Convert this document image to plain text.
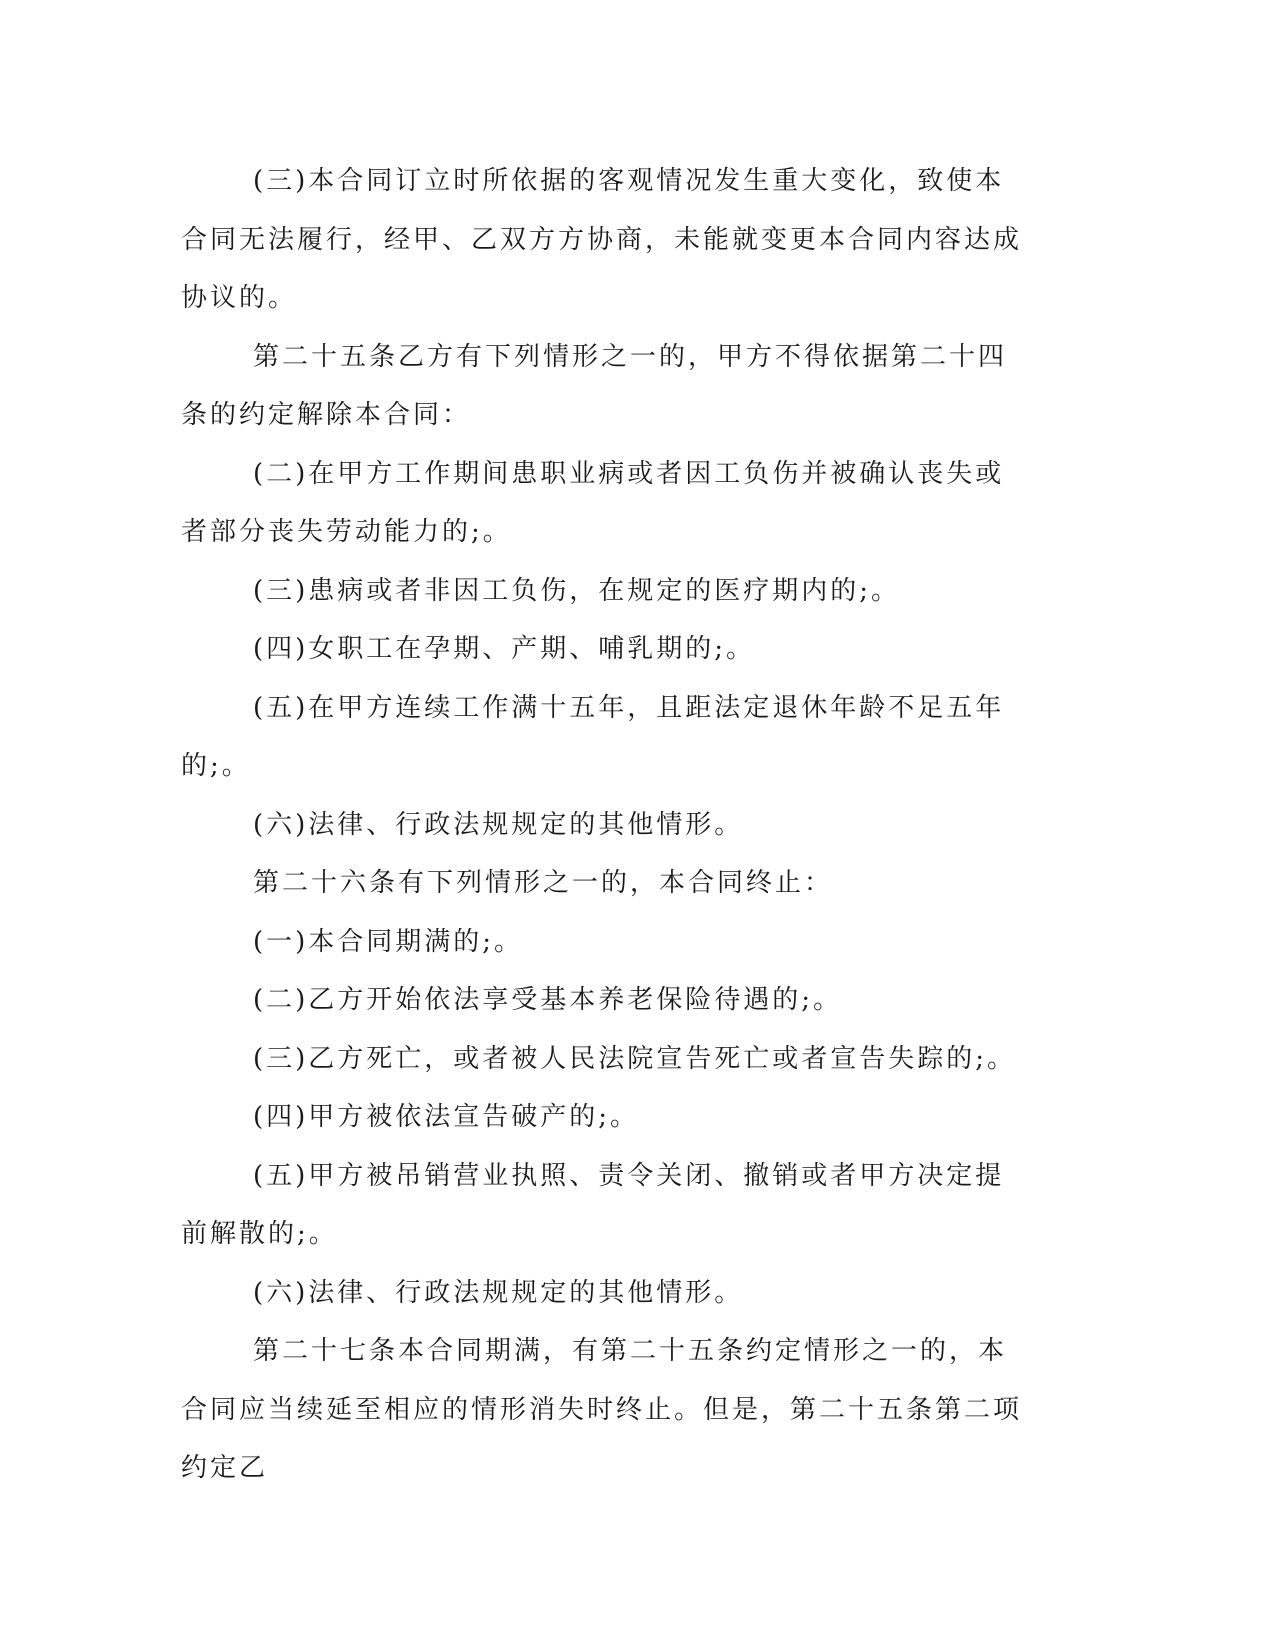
(三)本合同订立时所依据的客观情况发生重大变化，致使本合同无法履行，经甲、乙双方方协商，未能就变更本合同内容达成协议的。

第二十五条乙方有下列情形之一的，甲方不得依据第二十四条的约定解除本合同：

(二)在甲方工作期间患职业病或者因工负伤并被确认丧失或者部分丧失劳动能力的;。

(三)患病或者非因工负伤，在规定的医疗期内的;。

(四)女职工在孕期、产期、哺乳期的;。

(五)在甲方连续工作满十五年，且距法定退休年龄不足五年的;。

(六)法律、行政法规规定的其他情形。

第二十六条有下列情形之一的，本合同终止：

(一)本合同期满的;。

(二)乙方开始依法享受基本养老保险待遇的;。

(三)乙方死亡，或者被人民法院宣告死亡或者宣告失踪的;。

(四)甲方被依法宣告破产的;。

(五)甲方被吊销营业执照、责令关闭、撤销或者甲方决定提前解散的;。

(六)法律、行政法规规定的其他情形。

第二十七条本合同期满，有第二十五条约定情形之一的，本合同应当续延至相应的情形消失时终止。但是，第二十五条第二项约定乙
